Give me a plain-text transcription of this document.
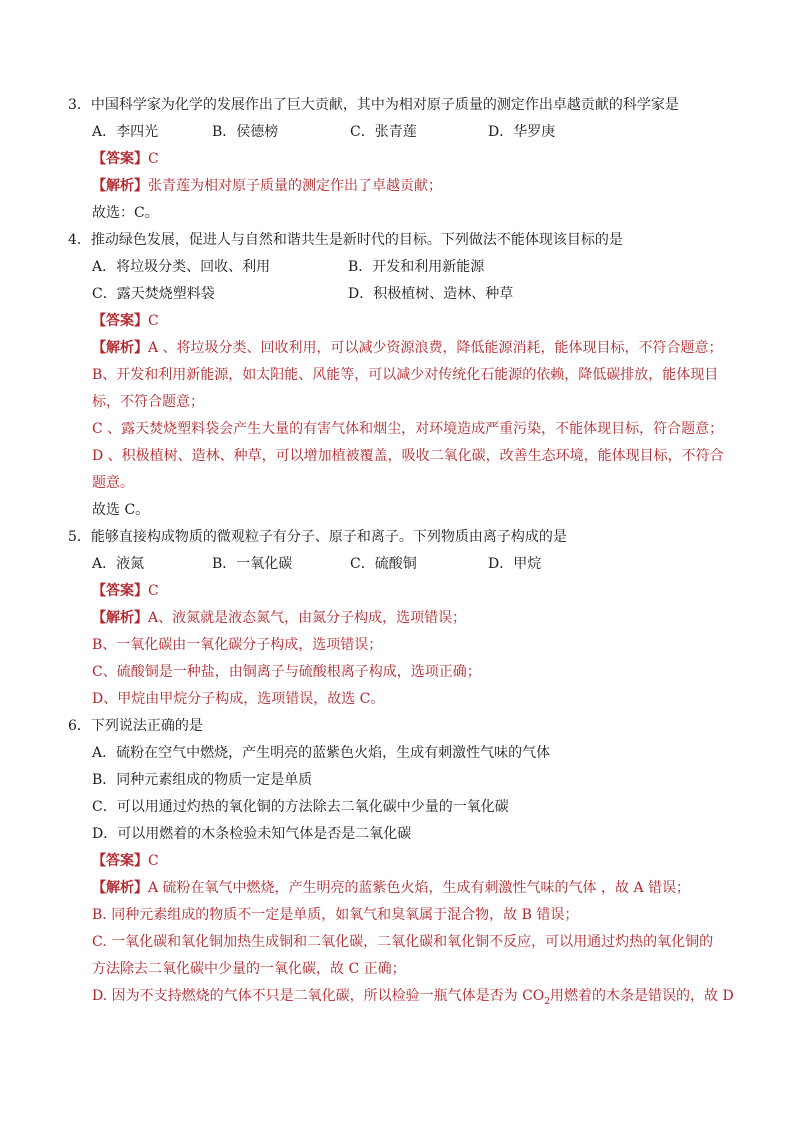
3．中国科学家为化学的发展作出了巨大贡献，其中为相对原子质量的测定作出卓越贡献的科学家是
A．李四光	B．侯德榜	C．张青莲	D．华罗庚
【答案】C
【解析】张青莲为相对原子质量的测定作出了卓越贡献；
故选：C。
4．推动绿色发展，促进人与自然和谐共生是新时代的目标。下列做法不能体现该目标的是
A．将垃圾分类、回收、利用	B．开发和利用新能源
C．露天焚烧塑料袋	D．积极植树、造林、种草
【答案】C
【解析】A 、将垃圾分类、回收利用，可以减少资源浪费，降低能源消耗，能体现目标，不符合题意；
B、开发和利用新能源，如太阳能、风能等，可以减少对传统化石能源的依赖，降低碳排放，能体现目
标，不符合题意；
C 、露天焚烧塑料袋会产生大量的有害气体和烟尘，对环境造成严重污染，不能体现目标，符合题意；
D 、积极植树、造林、种草，可以增加植被覆盖，吸收二氧化碳，改善生态环境，能体现目标，不符合
题意。
故选 C。
5．能够直接构成物质的微观粒子有分子、原子和离子。下列物质由离子构成的是
A．液氮	B．一氧化碳	C．硫酸铜	D．甲烷
【答案】C
【解析】A、液氮就是液态氮气，由氮分子构成，选项错误；
B、一氧化碳由一氧化碳分子构成，选项错误；
C、硫酸铜是一种盐，由铜离子与硫酸根离子构成，选项正确；
D、甲烷由甲烷分子构成，选项错误，故选 C。
6．下列说法正确的是
A．硫粉在空气中燃烧，产生明亮的蓝紫色火焰，生成有刺激性气味的气体
B．同种元素组成的物质一定是单质
C．可以用通过灼热的氧化铜的方法除去二氧化碳中少量的一氧化碳
D．可以用燃着的木条检验未知气体是否是二氧化碳
【答案】C
【解析】A 硫粉在氧气中燃烧，产生明亮的蓝紫色火焰，生成有刺激性气味的气体 ，故 A 错误；
B. 同种元素组成的物质不一定是单质，如氧气和臭氧属于混合物，故 B 错误；
C. 一氧化碳和氧化铜加热生成铜和二氧化碳，二氧化碳和氧化铜不反应，可以用通过灼热的氧化铜的
方法除去二氧化碳中少量的一氧化碳，故 C 正确；
D. 因为不支持燃烧的气体不只是二氧化碳，所以检验一瓶气体是否为 $CO_2$用燃着的木条是错误的，故 D
